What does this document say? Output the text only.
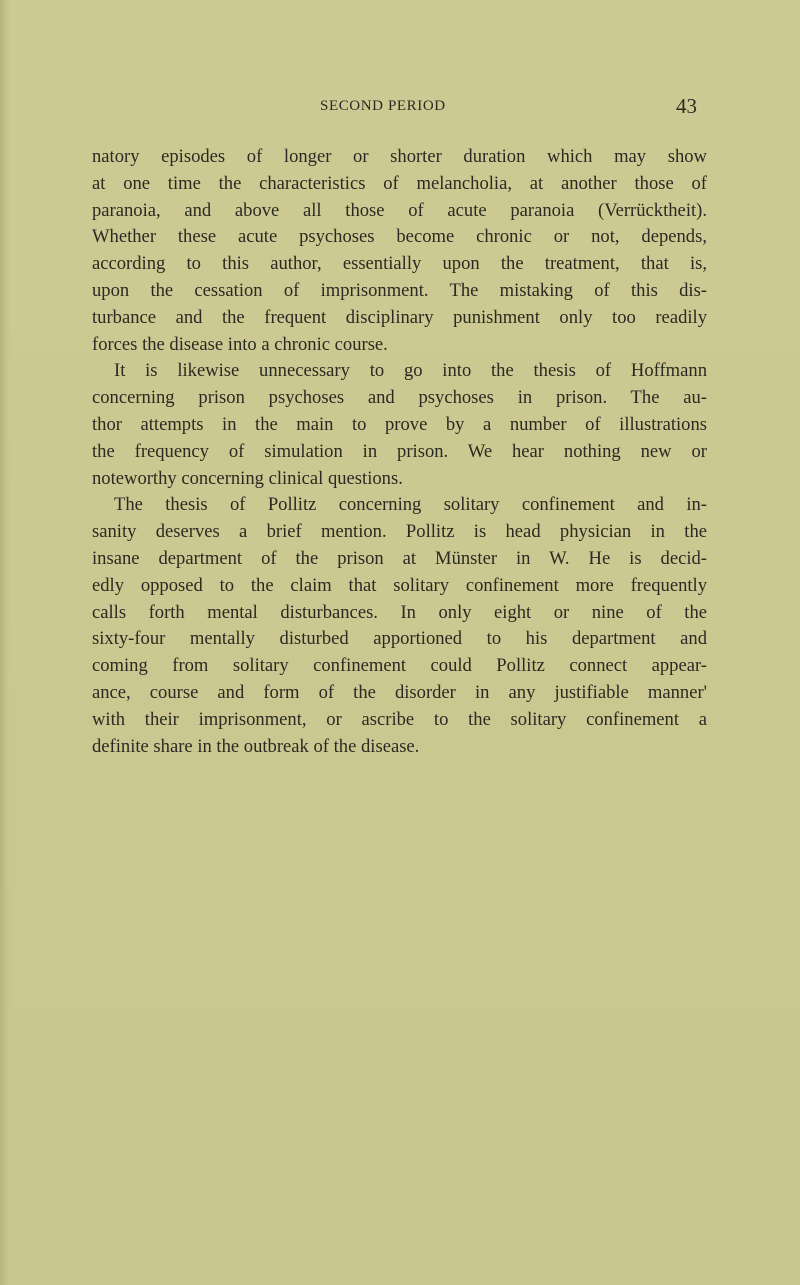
SECOND PERIOD	43
natory episodes of longer or shorter duration which may show
at one time the characteristics of melancholia, at another those of
paranoia, and above all those of acute paranoia (Verrücktheit).
Whether these acute psychoses become chronic or not, depends,
according to this author, essentially upon the treatment, that is,
upon the cessation of imprisonment. The mistaking of this dis-
turbance and the frequent disciplinary punishment only too readily
forces the disease into a chronic course.
It is likewise unnecessary to go into the thesis of Hoffmann
concerning prison psychoses and psychoses in prison. The au-
thor attempts in the main to prove by a number of illustrations
the frequency of simulation in prison. We hear nothing new or
noteworthy concerning clinical questions.
The thesis of Pollitz concerning solitary confinement and in-
sanity deserves a brief mention. Pollitz is head physician in the
insane department of the prison at Münster in W. He is decid-
edly opposed to the claim that solitary confinement more frequently
calls forth mental disturbances. In only eight or nine of the
sixty-four mentally disturbed apportioned to his department and
coming from solitary confinement could Pollitz connect appear-
ance, course and form of the disorder in any justifiable manner'
with their imprisonment, or ascribe to the solitary confinement a
definite share in the outbreak of the disease.
